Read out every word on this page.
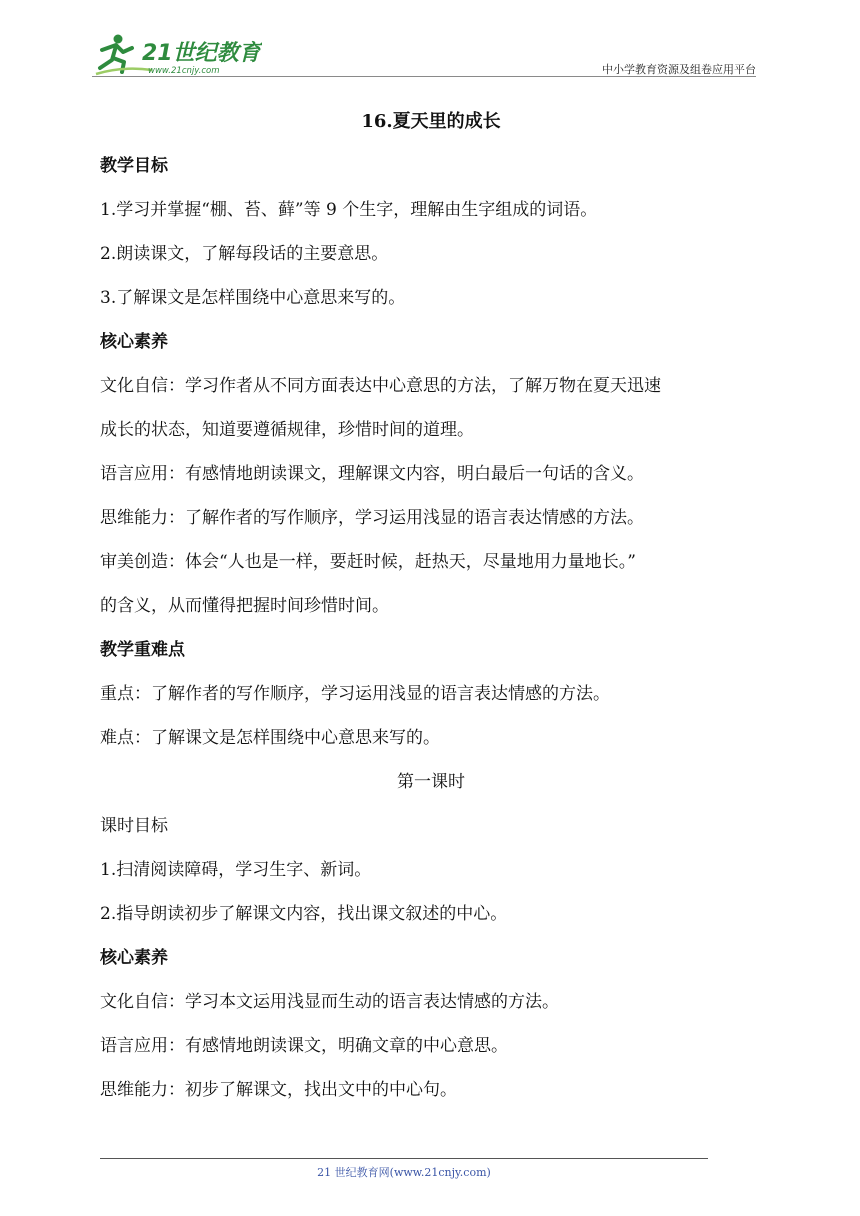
21世纪教育
www.21cnjy.com	中小学教育资源及组卷应用平台
16.夏天里的成长
教学目标
1.学习并掌握“棚、苔、藓”等 9 个生字，理解由生字组成的词语。
2.朗读课文，了解每段话的主要意思。
3.了解课文是怎样围绕中心意思来写的。
核心素养
文化自信：学习作者从不同方面表达中心意思的方法，了解万物在夏天迅速
成长的状态，知道要遵循规律，珍惜时间的道理。
语言应用：有感情地朗读课文，理解课文内容，明白最后一句话的含义。
思维能力：了解作者的写作顺序，学习运用浅显的语言表达情感的方法。
审美创造：体会“人也是一样，要赶时候，赶热天，尽量地用力量地长。”
的含义，从而懂得把握时间珍惜时间。
教学重难点
重点：了解作者的写作顺序，学习运用浅显的语言表达情感的方法。
难点：了解课文是怎样围绕中心意思来写的。
第一课时
课时目标
1.扫清阅读障碍，学习生字、新词。
2.指导朗读初步了解课文内容，找出课文叙述的中心。
核心素养
文化自信：学习本文运用浅显而生动的语言表达情感的方法。
语言应用：有感情地朗读课文，明确文章的中心意思。
思维能力：初步了解课文，找出文中的中心句。
21 世纪教育网(www.21cnjy.com)
